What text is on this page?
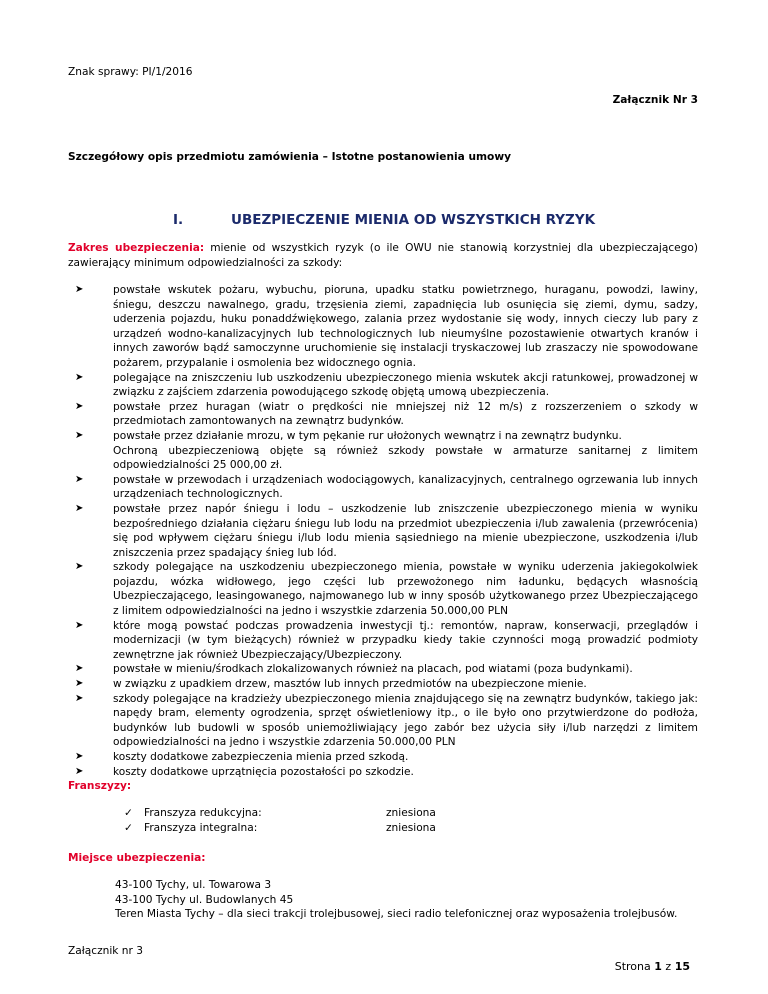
Znak sprawy: PI/1/2016
Załącznik Nr 3
Szczegółowy opis przedmiotu zamówienia – Istotne postanowienia umowy
I.	UBEZPIECZENIE MIENIA OD WSZYSTKICH RYZYK
Zakres ubezpieczenia: mienie od wszystkich ryzyk (o ile OWU nie stanowią korzystniej dla ubezpieczającego) zawierający minimum odpowiedzialności za szkody:
➤	powstałe wskutek pożaru, wybuchu, pioruna, upadku statku powietrznego, huraganu, powodzi, lawiny, śniegu, deszczu nawalnego, gradu, trzęsienia ziemi, zapadnięcia lub osunięcia się ziemi, dymu, sadzy, uderzenia pojazdu, huku ponaddźwiękowego, zalania przez wydostanie się wody, innych cieczy lub pary z urządzeń wodno-kanalizacyjnych lub technologicznych lub nieumyślne pozostawienie otwartych kranów i innych zaworów bądź samoczynne uruchomienie się instalacji tryskaczowej lub zraszaczy nie spowodowane pożarem, przypalanie i osmolenia bez widocznego ognia.
➤	polegające na zniszczeniu lub uszkodzeniu ubezpieczonego mienia wskutek akcji ratunkowej, prowadzonej w związku z zajściem zdarzenia powodującego szkodę objętą umową ubezpieczenia.
➤	powstałe przez huragan (wiatr o prędkości nie mniejszej niż 12 m/s) z rozszerzeniem o szkody w przedmiotach zamontowanych na zewnątrz budynków.
➤	powstałe przez działanie mrozu, w tym pękanie rur ułożonych wewnątrz i na zewnątrz budynku.
Ochroną ubezpieczeniową objęte są również szkody powstałe w armaturze sanitarnej z limitem odpowiedzialności 25 000,00 zł.
➤	powstałe w przewodach i urządzeniach wodociągowych, kanalizacyjnych, centralnego ogrzewania lub innych urządzeniach technologicznych.
➤	powstałe przez napór śniegu i lodu – uszkodzenie lub zniszczenie ubezpieczonego mienia w wyniku bezpośredniego działania ciężaru śniegu lub lodu na przedmiot ubezpieczenia i/lub zawalenia (przewrócenia) się pod wpływem ciężaru śniegu i/lub lodu mienia sąsiedniego na mienie ubezpieczone, uszkodzenia i/lub zniszczenia przez spadający śnieg lub lód.
➤	szkody polegające na uszkodzeniu ubezpieczonego mienia, powstałe w wyniku uderzenia jakiegokolwiek pojazdu, wózka widłowego, jego części lub przewożonego nim ładunku, będących własnością Ubezpieczającego, leasingowanego, najmowanego lub w inny sposób użytkowanego przez Ubezpieczającego z limitem odpowiedzialności na jedno i wszystkie zdarzenia 50.000,00 PLN
➤	które mogą powstać podczas prowadzenia inwestycji tj.: remontów, napraw, konserwacji, przeglądów i modernizacji (w tym bieżących) również w przypadku kiedy takie czynności mogą prowadzić podmioty zewnętrzne jak również Ubezpieczający/Ubezpieczony.
➤	powstałe w mieniu/środkach zlokalizowanych również na placach, pod wiatami (poza budynkami).
➤	w związku z upadkiem drzew, masztów lub innych przedmiotów na ubezpieczone mienie.
➤	szkody polegające na kradzieży ubezpieczonego mienia znajdującego się na zewnątrz budynków, takiego jak: napędy bram, elementy ogrodzenia, sprzęt oświetleniowy itp., o ile było ono przytwierdzone do podłoża, budynków lub budowli w sposób uniemożliwiający jego zabór bez użycia siły i/lub narzędzi z limitem odpowiedzialności na jedno i wszystkie zdarzenia 50.000,00 PLN
➤	koszty dodatkowe zabezpieczenia mienia przed szkodą.
➤	koszty dodatkowe uprzątnięcia pozostałości po szkodzie.
Franszyzy:
✓	Franszyza redukcyjna:	zniesiona
✓	Franszyza integralna:	zniesiona
Miejsce ubezpieczenia:
43-100 Tychy, ul. Towarowa 3
43-100 Tychy ul. Budowlanych 45
Teren Miasta Tychy – dla sieci trakcji trolejbusowej, sieci radio telefonicznej oraz wyposażenia trolejbusów.
Załącznik nr 3
Strona 1 z 15
